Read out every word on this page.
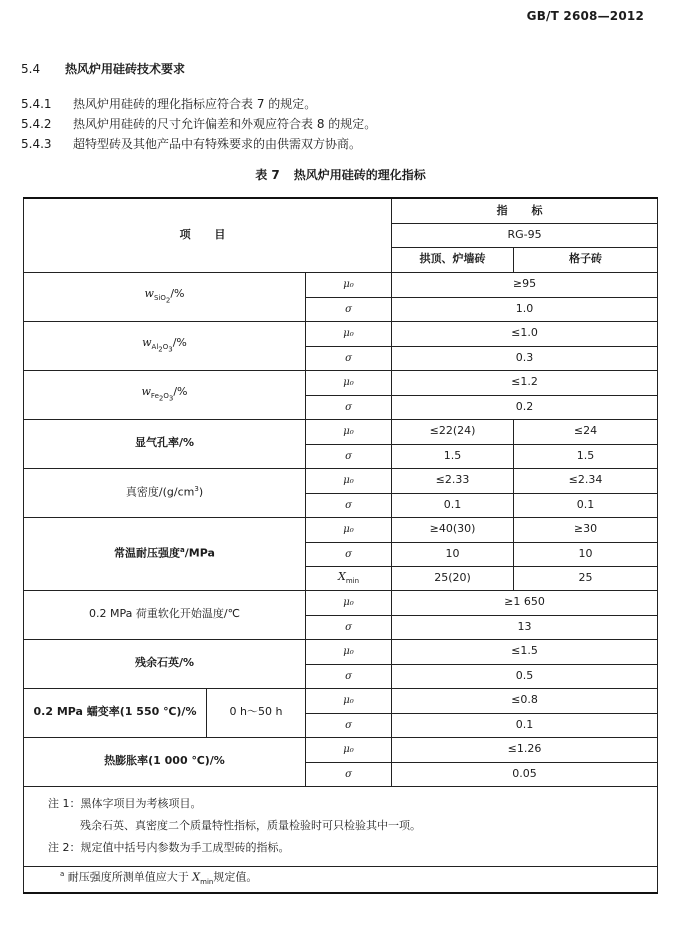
GB/T 2608—2012
5.4 热风炉用硅砖技术要求
5.4.1 热风炉用硅砖的理化指标应符合表 7 的规定。
5.4.2 热风炉用硅砖的尺寸允许偏差和外观应符合表 8 的规定。
5.4.3 超特型砖及其他产品中有特殊要求的由供需双方协商。
表 7 热风炉用硅砖的理化指标
项 目			指 标	
			RG-95	
			拱顶、炉墙砖	格子砖
$w_{SiO_2}/\%$		μ₀	≥95	
		σ	1.0	
$w_{Al_2O_3}/\%$		μ₀	≤1.0	
		σ	0.3	
$w_{Fe_2O_3}/\%$		μ₀	≤1.2	
		σ	0.2	
显气孔率/%		μ₀	≤22(24)	≤24
		σ	1.5	1.5
真密度$/(g/cm^3)$		μ₀	≤2.33	≤2.34
		σ	0.1	0.1
常温耐压强度$^a$/MPa		μ₀	≥40(30)	≥30
		σ	10	10
		$X_{min}$	25(20)	25
0.2 MPa 荷重软化开始温度/℃		μ₀	≥1 650	
		σ	13	
残余石英/%		μ₀	≤1.5	
		σ	0.5	
0.2 MPa 蠕变率(1 550 ℃)/%	0 h～50 h	μ₀	≤0.8	
		σ	0.1	
热膨胀率(1 000 ℃)/%		μ₀	≤1.26	
		σ	0.05	

注 1：黑体字项目为考核项目。
残余石英、真密度二个质量特性指标，质量检验时可只检验其中一项。
注 2：规定值中括号内参数为手工成型砖的指标。				

$^a$ 耐压强度所测单值应大于 $X_{min}$规定值。				
